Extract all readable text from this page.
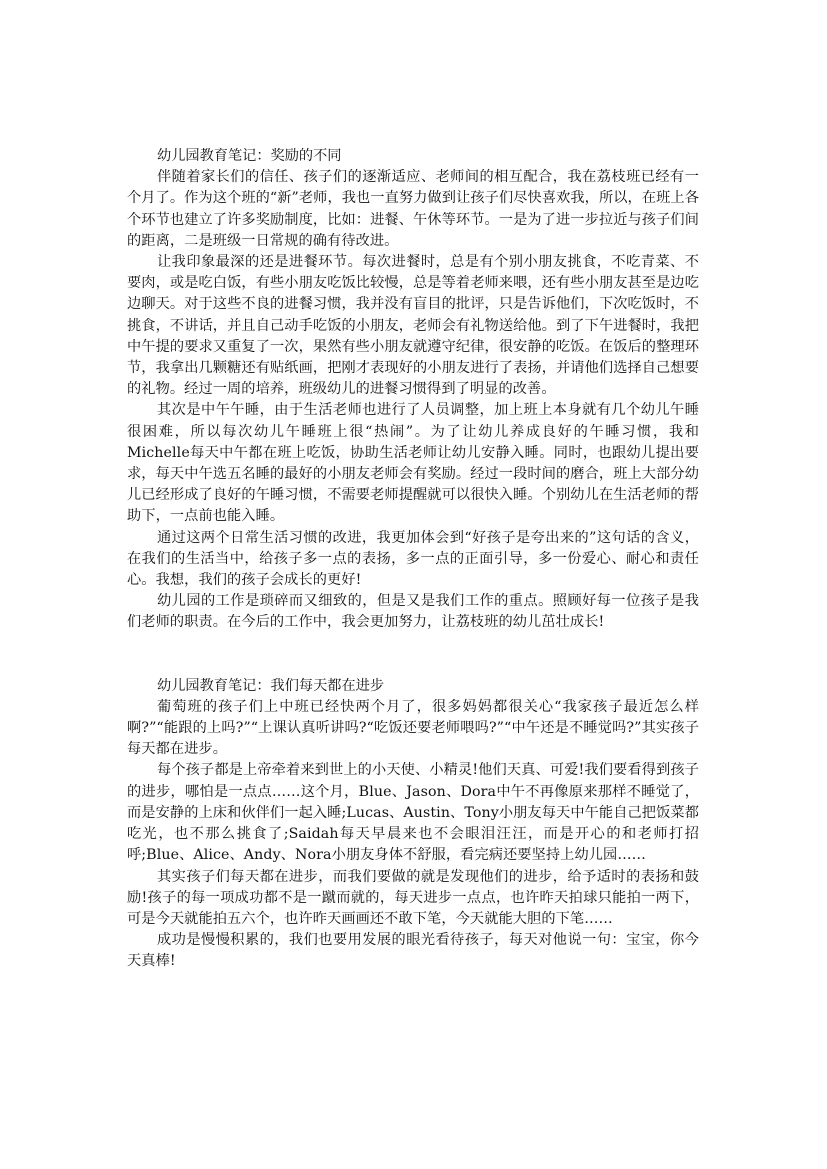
幼儿园教育笔记：奖励的不同

伴随着家长们的信任、孩子们的逐渐适应、老师间的相互配合，我在荔枝班已经有一个月了。作为这个班的“新”老师，我也一直努力做到让孩子们尽快喜欢我，所以，在班上各个环节也建立了许多奖励制度，比如：进餐、午休等环节。一是为了进一步拉近与孩子们间的距离，二是班级一日常规的确有待改进。

让我印象最深的还是进餐环节。每次进餐时，总是有个别小朋友挑食，不吃青菜、不要肉，或是吃白饭，有些小朋友吃饭比较慢，总是等着老师来喂，还有些小朋友甚至是边吃边聊天。对于这些不良的进餐习惯，我并没有盲目的批评，只是告诉他们，下次吃饭时，不挑食，不讲话，并且自己动手吃饭的小朋友，老师会有礼物送给他。到了下午进餐时，我把中午提的要求又重复了一次，果然有些小朋友就遵守纪律，很安静的吃饭。在饭后的整理环节，我拿出几颗糖还有贴纸画，把刚才表现好的小朋友进行了表扬，并请他们选择自己想要的礼物。经过一周的培养，班级幼儿的进餐习惯得到了明显的改善。

其次是中午午睡，由于生活老师也进行了人员调整，加上班上本身就有几个幼儿午睡很困难，所以每次幼儿午睡班上很“热闹”。为了让幼儿养成良好的午睡习惯，我和Michelle每天中午都在班上吃饭，协助生活老师让幼儿安静入睡。同时，也跟幼儿提出要求，每天中午选五名睡的最好的小朋友老师会有奖励。经过一段时间的磨合，班上大部分幼儿已经形成了良好的午睡习惯，不需要老师提醒就可以很快入睡。个别幼儿在生活老师的帮助下，一点前也能入睡。

通过这两个日常生活习惯的改进，我更加体会到“好孩子是夸出来的”这句话的含义，在我们的生活当中，给孩子多一点的表扬，多一点的正面引导，多一份爱心、耐心和责任心。我想，我们的孩子会成长的更好!

幼儿园的工作是琐碎而又细致的，但是又是我们工作的重点。照顾好每一位孩子是我们老师的职责。在今后的工作中，我会更加努力，让荔枝班的幼儿茁壮成长!

幼儿园教育笔记：我们每天都在进步

葡萄班的孩子们上中班已经快两个月了，很多妈妈都很关心“我家孩子最近怎么样啊?”“能跟的上吗?”“上课认真听讲吗?“吃饭还要老师喂吗?”“中午还是不睡觉吗?”其实孩子每天都在进步。

每个孩子都是上帝牵着来到世上的小天使、小精灵!他们天真、可爱!我们要看得到孩子的进步，哪怕是一点点……这个月，Blue、Jason、Dora中午不再像原来那样不睡觉了，而是安静的上床和伙伴们一起入睡;Lucas、Austin、Tony小朋友每天中午能自己把饭菜都吃光，也不那么挑食了;Saidah每天早晨来也不会眼泪汪汪，而是开心的和老师打招呼;Blue、Alice、Andy、Nora小朋友身体不舒服，看完病还要坚持上幼儿园……

其实孩子们每天都在进步，而我们要做的就是发现他们的进步，给予适时的表扬和鼓励!孩子的每一项成功都不是一蹴而就的，每天进步一点点，也许昨天拍球只能拍一两下，可是今天就能拍五六个，也许昨天画画还不敢下笔，今天就能大胆的下笔……

成功是慢慢积累的，我们也要用发展的眼光看待孩子，每天对他说一句：宝宝，你今天真棒!
